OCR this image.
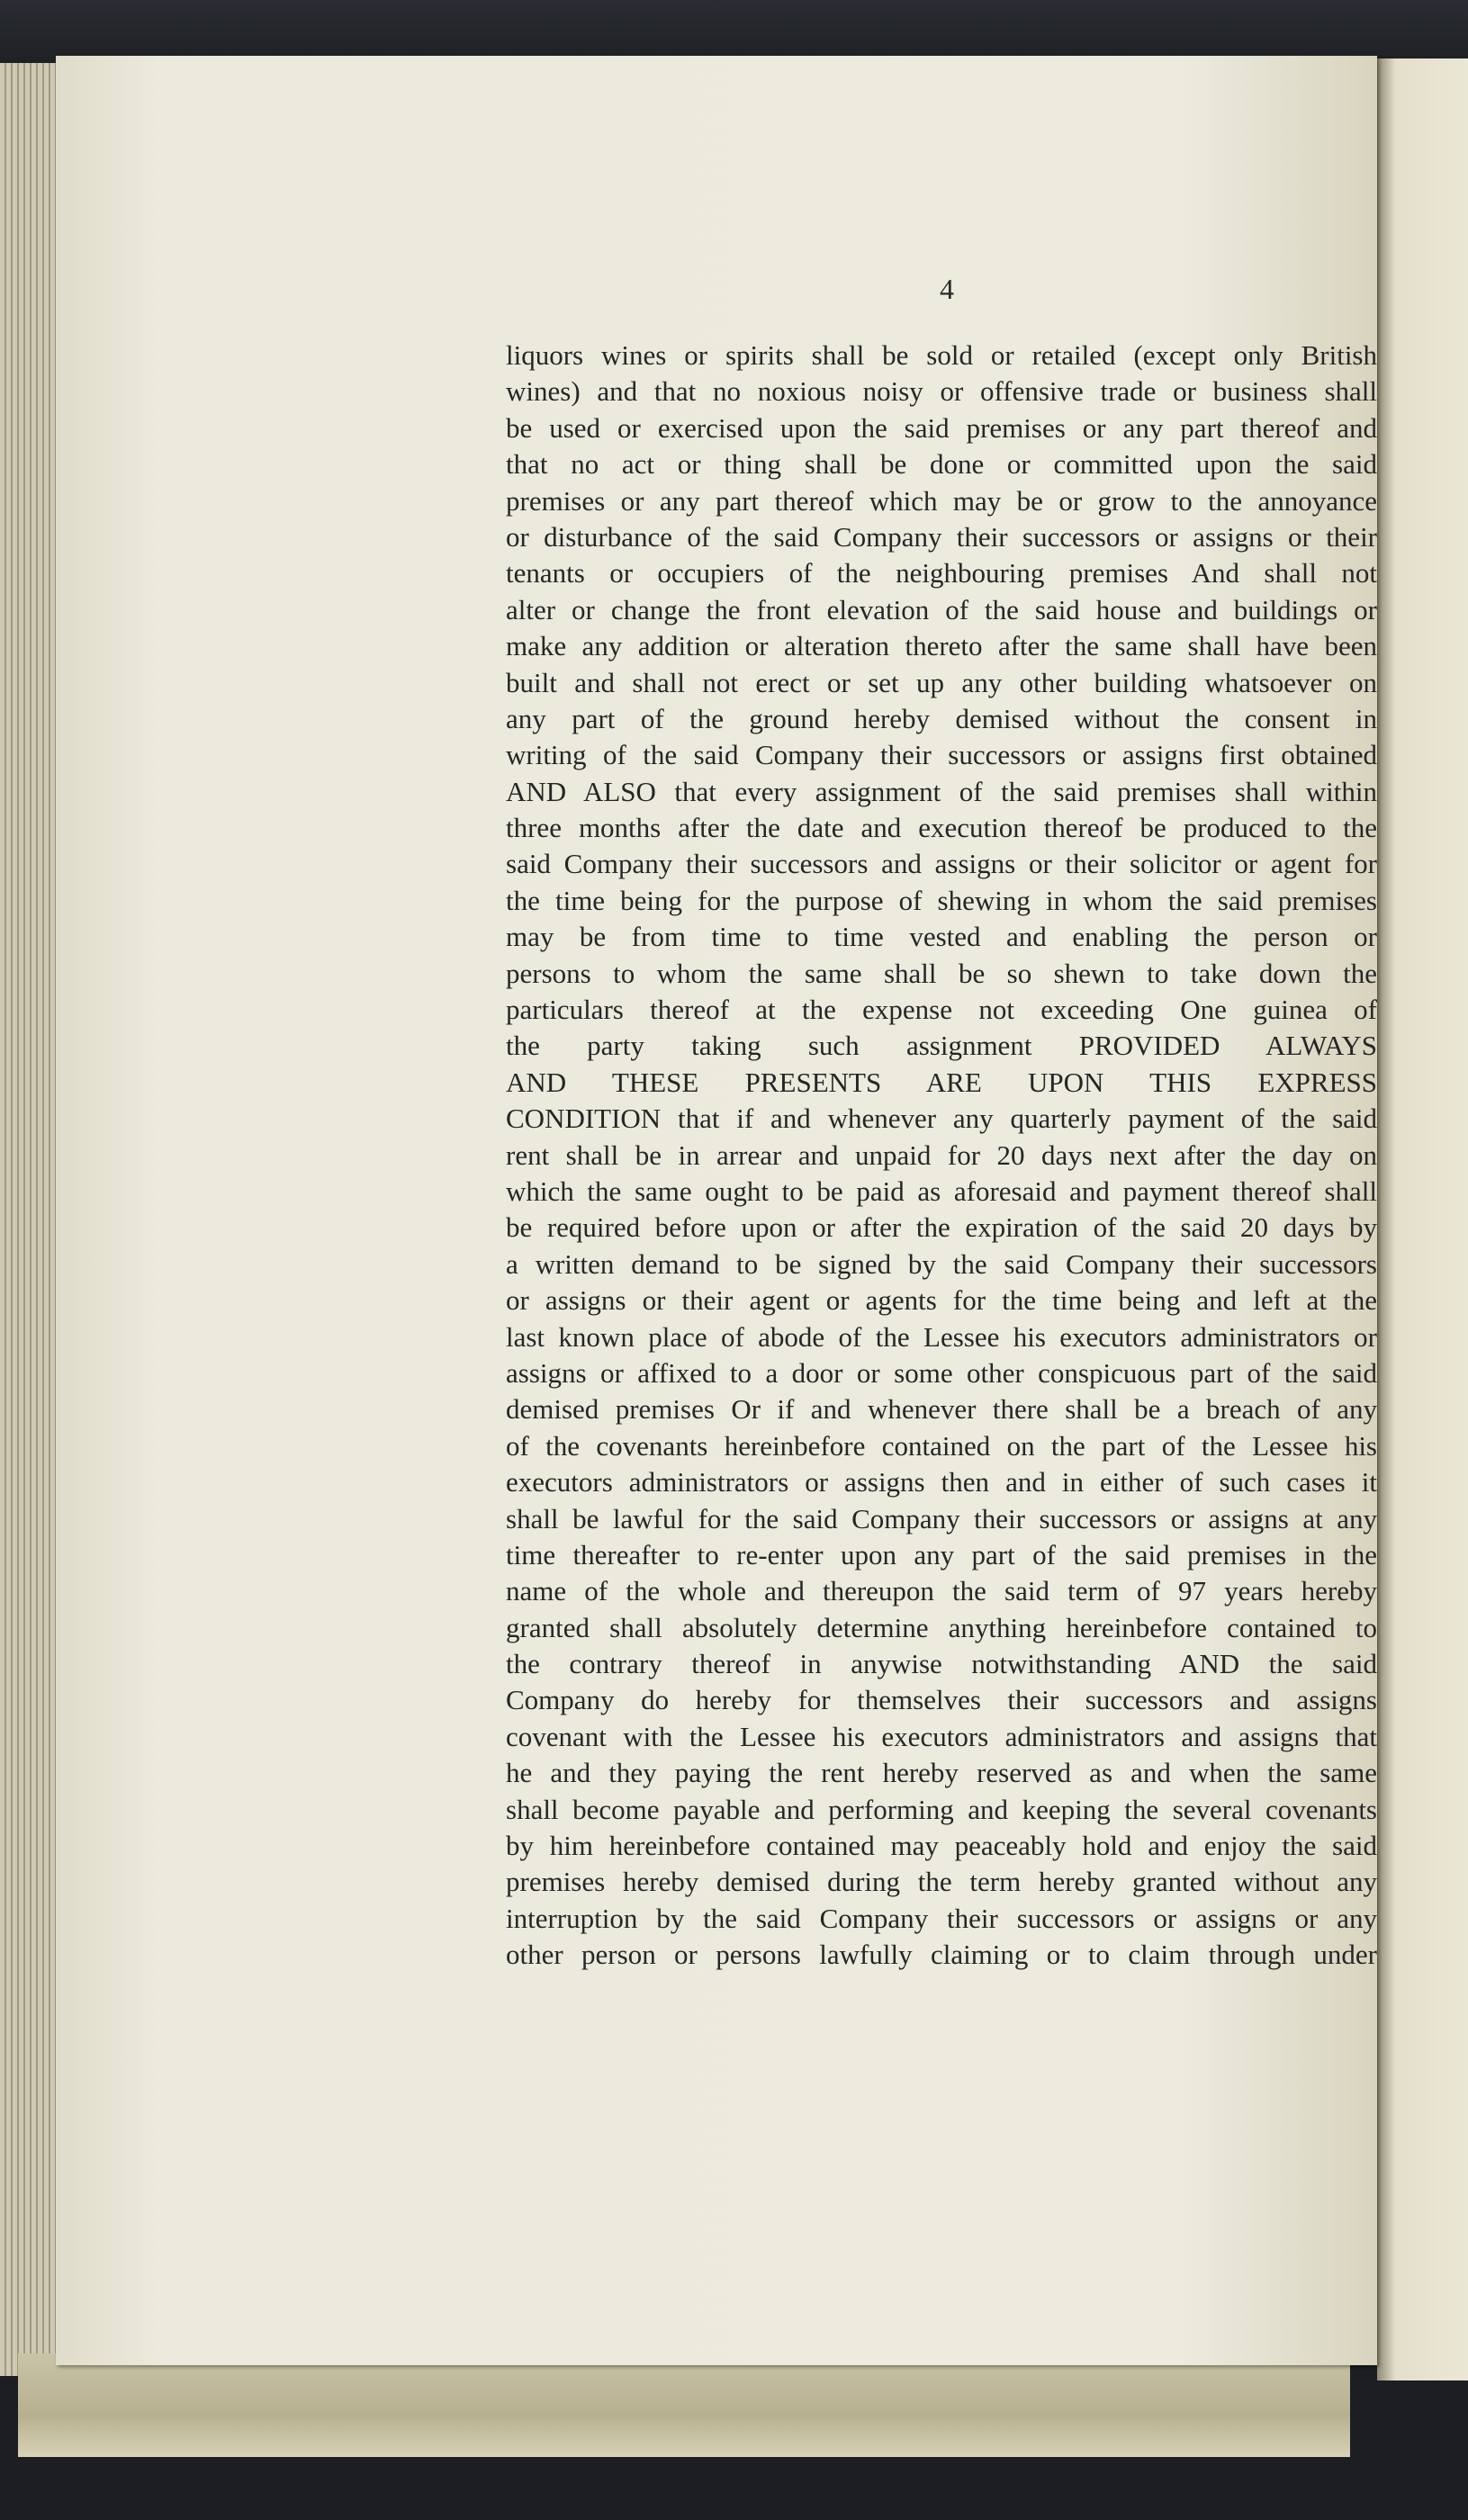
4
liquors wines or spirits shall be sold or retailed (except only British
wines) and that no noxious noisy or offensive trade or business shall
be used or exercised upon the said premises or any part thereof and
that no act or thing shall be done or committed upon the said
premises or any part thereof which may be or grow to the annoyance
or disturbance of the said Company their successors or assigns or their
tenants or occupiers of the neighbouring premises And shall not
alter or change the front elevation of the said house and buildings or
make any addition or alteration thereto after the same shall have been
built and shall not erect or set up any other building whatsoever on
any part of the ground hereby demised without the consent in
writing of the said Company their successors or assigns first obtained
AND ALSO that every assignment of the said premises shall within
three months after the date and execution thereof be produced to the
said Company their successors and assigns or their solicitor or agent for
the time being for the purpose of shewing in whom the said premises
may be from time to time vested and enabling the person or
persons to whom the same shall be so shewn to take down the
particulars thereof at the expense not exceeding One guinea of
the party taking such assignment PROVIDED ALWAYS
AND THESE PRESENTS ARE UPON THIS EXPRESS
CONDITION that if and whenever any quarterly payment of the said
rent shall be in arrear and unpaid for 20 days next after the day on
which the same ought to be paid as aforesaid and payment thereof shall
be required before upon or after the expiration of the said 20 days by
a written demand to be signed by the said Company their successors
or assigns or their agent or agents for the time being and left at the
last known place of abode of the Lessee his executors administrators or
assigns or affixed to a door or some other conspicuous part of the said
demised premises Or if and whenever there shall be a breach of any
of the covenants hereinbefore contained on the part of the Lessee his
executors administrators or assigns then and in either of such cases it
shall be lawful for the said Company their successors or assigns at any
time thereafter to re-enter upon any part of the said premises in the
name of the whole and thereupon the said term of 97 years hereby
granted shall absolutely determine anything hereinbefore contained to
the contrary thereof in anywise notwithstanding AND the said
Company do hereby for themselves their successors and assigns
covenant with the Lessee his executors administrators and assigns that
he and they paying the rent hereby reserved as and when the same
shall become payable and performing and keeping the several covenants
by him hereinbefore contained may peaceably hold and enjoy the said
premises hereby demised during the term hereby granted without any
interruption by the said Company their successors or assigns or any
other person or persons lawfully claiming or to claim through under
